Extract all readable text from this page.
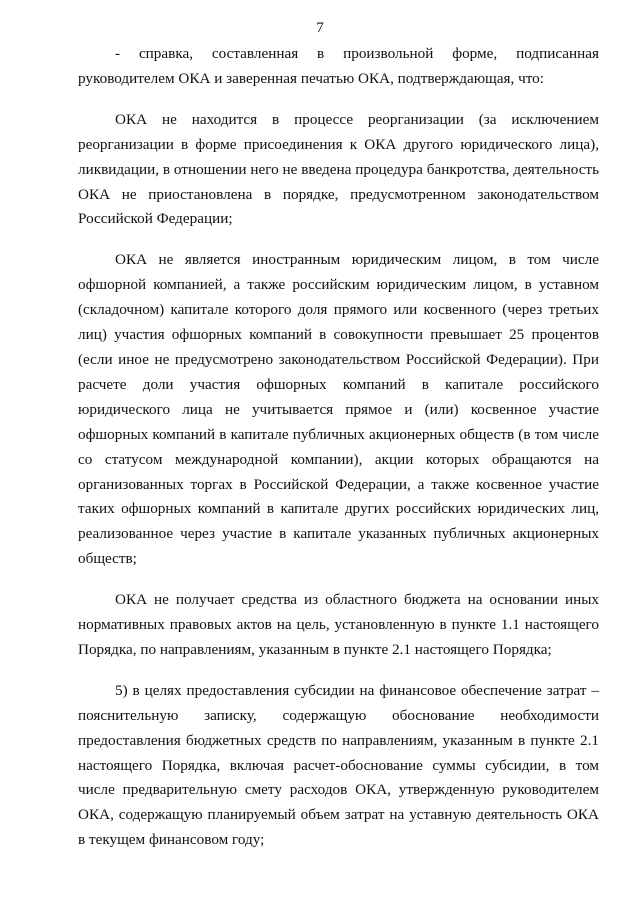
7

- справка, составленная в произвольной форме, подписанная руководителем ОКА и заверенная печатью ОКА, подтверждающая, что:

ОКА не находится в процессе реорганизации (за исключением реорганизации в форме присоединения к ОКА другого юридического лица), ликвидации, в отношении него не введена процедура банкротства, деятельность ОКА не приостановлена в порядке, предусмотренном законодательством Российской Федерации;

ОКА не является иностранным юридическим лицом, в том числе офшорной компанией, а также российским юридическим лицом, в уставном (складочном) капитале которого доля прямого или косвенного (через третьих лиц) участия офшорных компаний в совокупности превышает 25 процентов (если иное не предусмотрено законодательством Российской Федерации). При расчете доли участия офшорных компаний в капитале российского юридического лица не учитывается прямое и (или) косвенное участие офшорных компаний в капитале публичных акционерных обществ (в том числе со статусом международной компании), акции которых обращаются на организованных торгах в Российской Федерации, а также косвенное участие таких офшорных компаний в капитале других российских юридических лиц, реализованное через участие в капитале указанных публичных акционерных обществ;

ОКА не получает средства из областного бюджета на основании иных нормативных правовых актов на цель, установленную в пункте 1.1 настоящего Порядка, по направлениям, указанным в пункте 2.1 настоящего Порядка;

5) в целях предоставления субсидии на финансовое обеспечение затрат – пояснительную записку, содержащую обоснование необходимости предоставления бюджетных средств по направлениям, указанным в пункте 2.1 настоящего Порядка, включая расчет-обоснование суммы субсидии, в том числе предварительную смету расходов ОКА, утвержденную руководителем ОКА, содержащую планируемый объем затрат на уставную деятельность ОКА в текущем финансовом году;
